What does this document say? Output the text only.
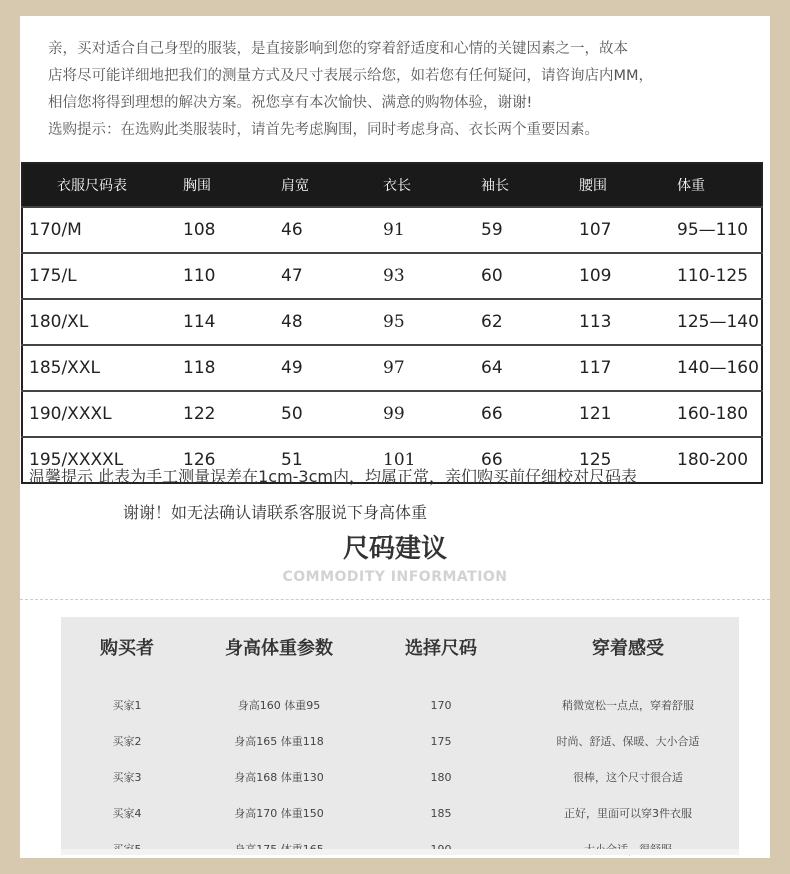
亲，买对适合自己身型的服装，是直接影响到您的穿着舒适度和心情的关键因素之一，故本

店将尽可能详细地把我们的测量方式及尺寸表展示给您，如若您有任何疑问，请咨询店内MM，

相信您将得到理想的解决方案。祝您享有本次愉快、满意的购物体验，谢谢!

选购提示：在选购此类服装时，请首先考虑胸围，同时考虑身高、衣长两个重要因素。

衣服尺码表	胸围	肩宽	衣长	袖长	腰围	体重
170/M	108	46	91	59	107	95—110
175/L	110	47	93	60	109	110-125
180/XL	114	48	95	62	113	125—140
185/XXL	118	49	97	64	117	140—160
190/XXXL	122	50	99	66	121	160-180
195/XXXXL	126	51	101	66	125	180-200
温馨提示 此表为手工测量误差在1cm-3cm内，均属正常，亲们购买前仔细校对尺码表
谢谢！如无法确认请联系客服说下身高体重
尺码建议
COMMODITY INFORMATION
购买者	身高体重参数	选择尺码	穿着感受

买家1	身高160 体重95	170	稍微宽松一点点，穿着舒服
买家2	身高165 体重118	175	时尚、舒适、保暖、大小合适
买家3	身高168 体重130	180	很棒，这个尺寸很合适
买家4	身高170 体重150	185	正好，里面可以穿3件衣服
